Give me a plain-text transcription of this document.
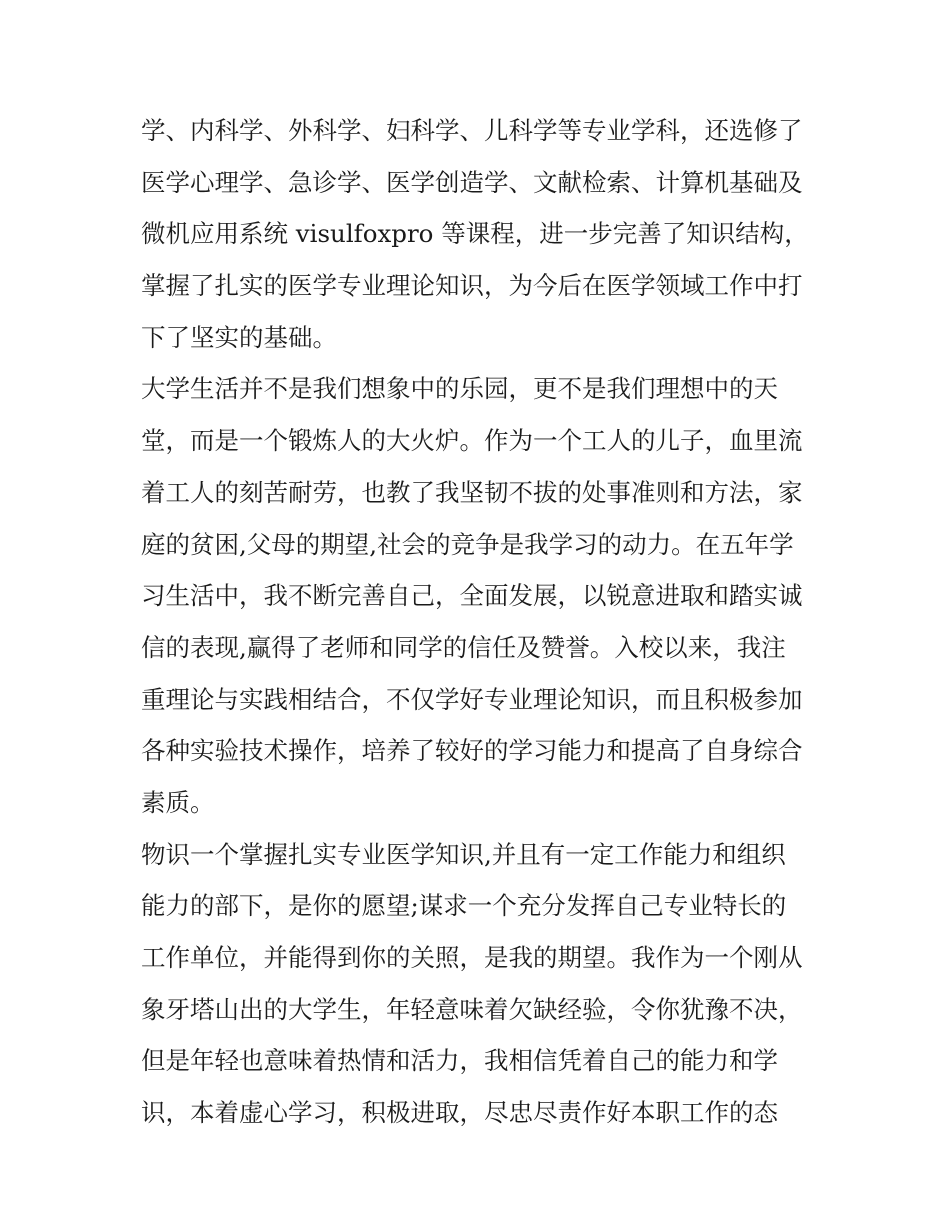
学、内科学、外科学、妇科学、儿科学等专业学科，还选修了
医学心理学、急诊学、医学创造学、文献检索、计算机基础及
微机应用系统 visulfoxpro 等课程，进一步完善了知识结构，
掌握了扎实的医学专业理论知识，为今后在医学领域工作中打
下了坚实的基础。
大学生活并不是我们想象中的乐园，更不是我们理想中的天
堂，而是一个锻炼人的大火炉。作为一个工人的儿子，血里流
着工人的刻苦耐劳，也教了我坚韧不拔的处事准则和方法，家
庭的贫困,父母的期望,社会的竞争是我学习的动力。在五年学
习生活中，我不断完善自己，全面发展，以锐意进取和踏实诚
信的表现,赢得了老师和同学的信任及赞誉。入校以来，我注
重理论与实践相结合，不仅学好专业理论知识，而且积极参加
各种实验技术操作，培养了较好的学习能力和提高了自身综合
素质。
物识一个掌握扎实专业医学知识,并且有一定工作能力和组织
能力的部下，是你的愿望;谋求一个充分发挥自己专业特长的
工作单位，并能得到你的关照，是我的期望。我作为一个刚从
象牙塔山出的大学生，年轻意味着欠缺经验，令你犹豫不决，
但是年轻也意味着热情和活力，我相信凭着自己的能力和学
识，本着虚心学习，积极进取，尽忠尽责作好本职工作的态
